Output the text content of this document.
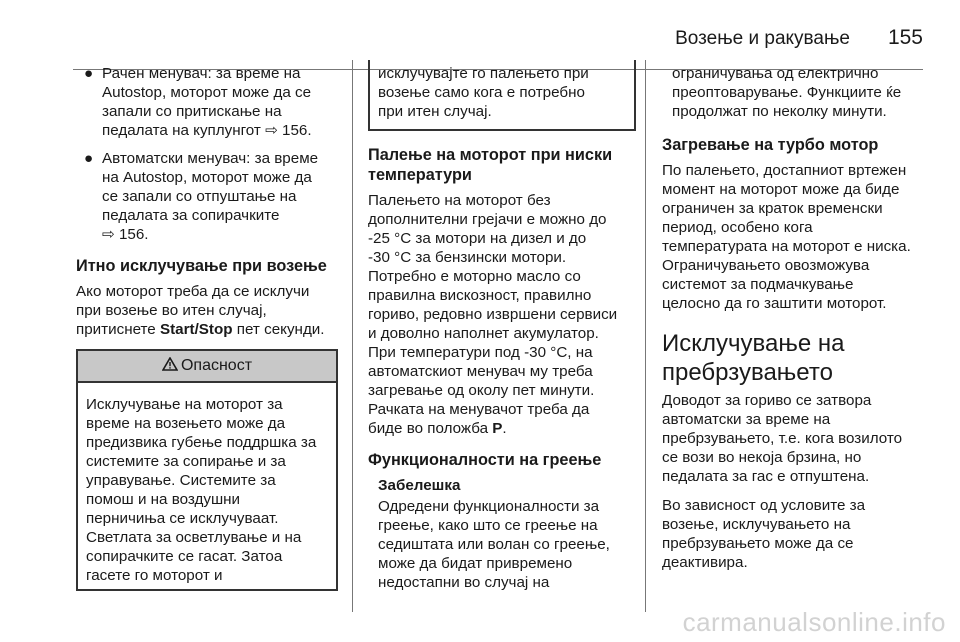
Возење и ракување 155
● Рачен менувач: за време на
Autostop, моторот може да се
запали со притискање на
педалата на куплунгот ⇨ 156.
● Автоматски менувач: за време
на Autostop, моторот може да
се запали со отпуштање на
педалата за сопирачките
⇨ 156.
Итно исклучување при возење

Ако моторот треба да се исклучи
при возење во итен случај,
притиснете Start/Stop пет секунди.

Опасност
Исклучување на моторот за
време на возењето може да
предизвика губење поддршка за
системите за сопирање и за
управување. Системите за
помош и на воздушни
перничиња се исклучуваат.
Светлата за осветлување и на
сопирачките се гасат. Затоа
гасете го моторот и
исклучувајте го палењето при
возење само кога е потребно
при итен случај.
Палење на моторот при ниски температури

Палењето на моторот без
дополнителни грејачи е можно до
-25 °C за мотори на дизел и до
-30 °C за бензински мотори.
Потребно е моторно масло со
правилна вискозност, правилно
гориво, редовно извршени сервиси
и доволно наполнет акумулатор.
При температури под -30 °C, на
автоматскиот менувач му треба
загревање од околу пет минути.
Рачката на менувачот треба да
биде во положба P.

Функционалности на греење
Забелешка
Одредени функционалности за
греење, како што се греење на
седиштата или волан со греење,
може да бидат привремено
недостапни во случај на
ограничувања од електрично
преоптоварување. Функциите ќе
продолжат по неколку минути.
Загревање на турбо мотор

По палењето, достапниот вртежен
момент на моторот може да биде
ограничен за краток временски
период, особено кога
температурата на моторот е ниска.
Ограничувањето овозможува
системот за подмачкување
целосно да го заштити моторот.

Исклучување на
пребрзувањето

Доводот за гориво се затвора
автоматски за време на
пребрзувањето, т.е. кога возилото
се вози во некоја брзина, но
педалата за гас е отпуштена.

Во зависност од условите за
возење, исклучувањето на
пребрзувањето може да се
деактивира.

carmanualsonline.info
